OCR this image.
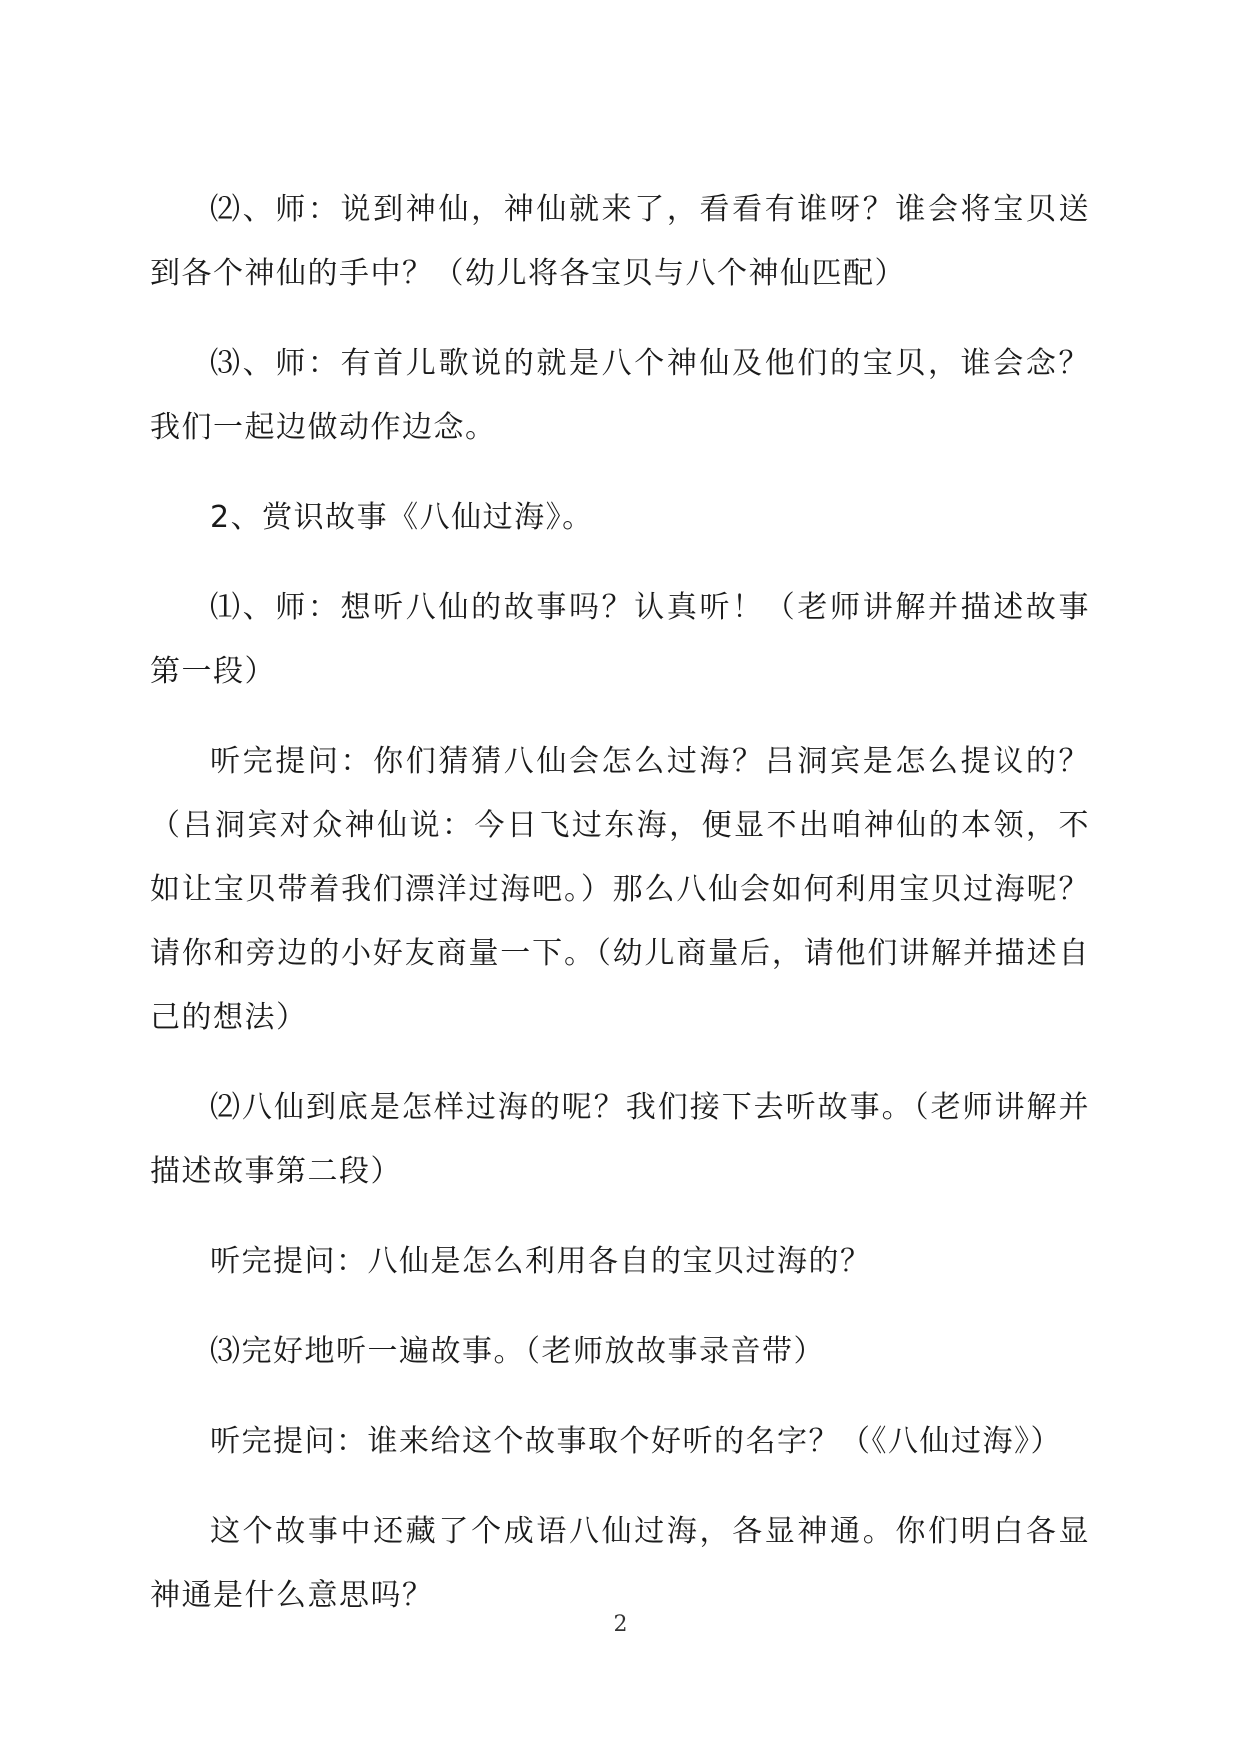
⑵、师：说到神仙，神仙就来了，看看有谁呀？谁会将宝贝送到各个神仙的手中？（幼儿将各宝贝与八个神仙匹配）

⑶、师：有首儿歌说的就是八个神仙及他们的宝贝，谁会念？我们一起边做动作边念。

2、赏识故事《八仙过海》。

⑴、师：想听八仙的故事吗？认真听！（老师讲解并描述故事第一段）

听完提问：你们猜猜八仙会怎么过海？吕洞宾是怎么提议的？（吕洞宾对众神仙说：今日飞过东海，便显不出咱神仙的本领，不如让宝贝带着我们漂洋过海吧。）那么八仙会如何利用宝贝过海呢？请你和旁边的小好友商量一下。（幼儿商量后，请他们讲解并描述自己的想法）

⑵八仙到底是怎样过海的呢？我们接下去听故事。（老师讲解并描述故事第二段）

听完提问：八仙是怎么利用各自的宝贝过海的？

⑶完好地听一遍故事。（老师放故事录音带）

听完提问：谁来给这个故事取个好听的名字？（《八仙过海》）

这个故事中还藏了个成语八仙过海，各显神通。你们明白各显神通是什么意思吗？

2
